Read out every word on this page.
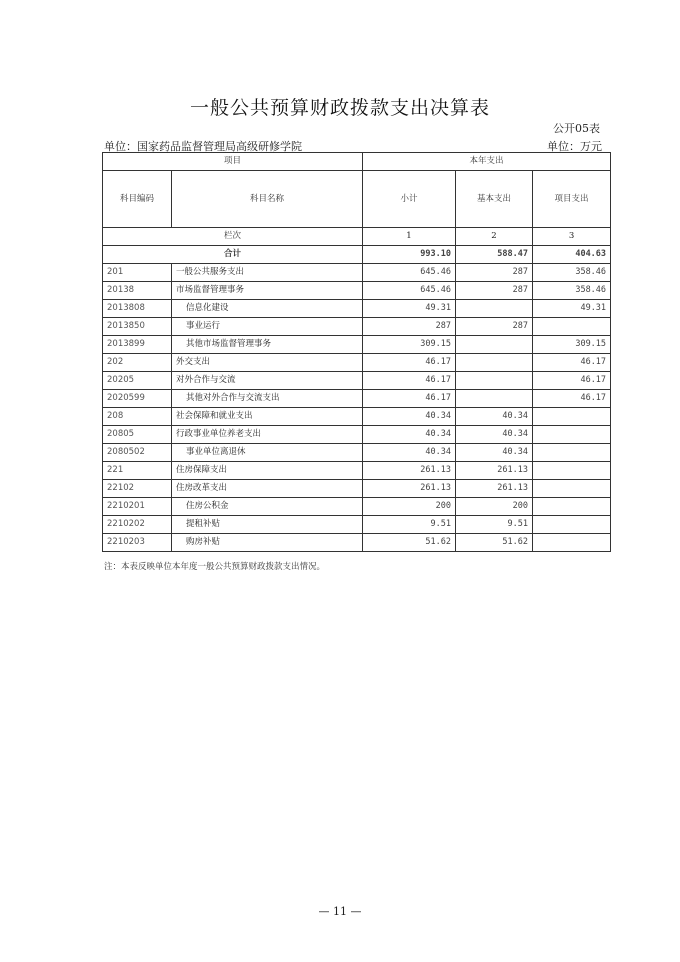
一般公共预算财政拨款支出决算表
公开05表
单位：国家药品监督管理局高级研修学院	单位：万元
项目		本年支出		
科目编码	科目名称	小计	基本支出	项目支出
栏次		1	2	3
合计		993.10	588.47	404.63
201	一般公共服务支出	645.46	287	358.46
20138	市场监督管理事务	645.46	287	358.46
2013808	信息化建设	49.31		49.31
2013850	事业运行	287	287	
2013899	其他市场监督管理事务	309.15		309.15
202	外交支出	46.17		46.17
20205	对外合作与交流	46.17		46.17
2020599	其他对外合作与交流支出	46.17		46.17
208	社会保障和就业支出	40.34	40.34	
20805	行政事业单位养老支出	40.34	40.34	
2080502	事业单位离退休	40.34	40.34	
221	住房保障支出	261.13	261.13	
22102	住房改革支出	261.13	261.13	
2210201	住房公积金	200	200	
2210202	提租补贴	9.51	9.51	
2210203	购房补贴	51.62	51.62	
注：本表反映单位本年度一般公共预算财政拨款支出情况。
— 11 —
